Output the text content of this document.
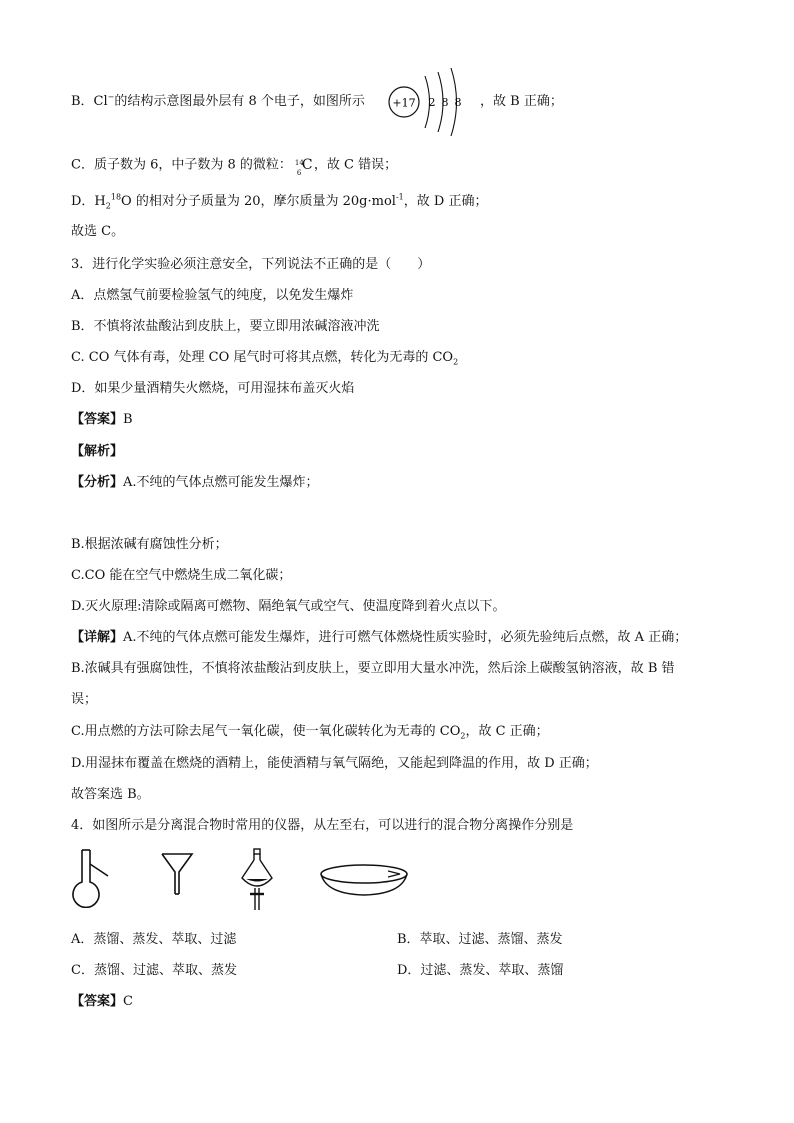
B．Cl−的结构示意图最外层有 8 个电子，如图所示 +17 2 8 8 ，故 B 正确；
C．质子数为 6，中子数为 8 的微粒： 14
6 C ，故 C 错误；
D．$H_2^{18}O$ 的相对分子质量为 20，摩尔质量为 20g·mol$^{-1}$，故 D 正确；
故选 C。
3．进行化学实验必须注意安全，下列说法不正确的是（　　）
A．点燃氢气前要检验氢气的纯度，以免发生爆炸
B．不慎将浓盐酸沾到皮肤上，要立即用浓碱溶液冲洗
C. CO 气体有毒，处理 CO 尾气时可将其点燃，转化为无毒的 $CO_2$
D．如果少量酒精失火燃烧，可用湿抹布盖灭火焰
【答案】B
【解析】
【分析】A.不纯的气体点燃可能发生爆炸；
B.根据浓碱有腐蚀性分析；
C.CO 能在空气中燃烧生成二氧化碳；
D.灭火原理:清除或隔离可燃物、隔绝氧气或空气、使温度降到着火点以下。
【详解】A.不纯的气体点燃可能发生爆炸，进行可燃气体燃烧性质实验时，必须先验纯后点燃，故 A 正确；
B.浓碱具有强腐蚀性，不慎将浓盐酸沾到皮肤上，要立即用大量水冲洗，然后涂上碳酸氢钠溶液，故 B 错
误；
C.用点燃的方法可除去尾气一氧化碳，使一氧化碳转化为无毒的 $CO_2$，故 C 正确；
D.用湿抹布覆盖在燃烧的酒精上，能使酒精与氧气隔绝，又能起到降温的作用，故 D 正确；
故答案选 B。
4．如图所示是分离混合物时常用的仪器，从左至右，可以进行的混合物分离操作分别是
A．蒸馏、蒸发、萃取、过滤	B．萃取、过滤、蒸馏、蒸发
C．蒸馏、过滤、萃取、蒸发	D．过滤、蒸发、萃取、蒸馏
【答案】C
